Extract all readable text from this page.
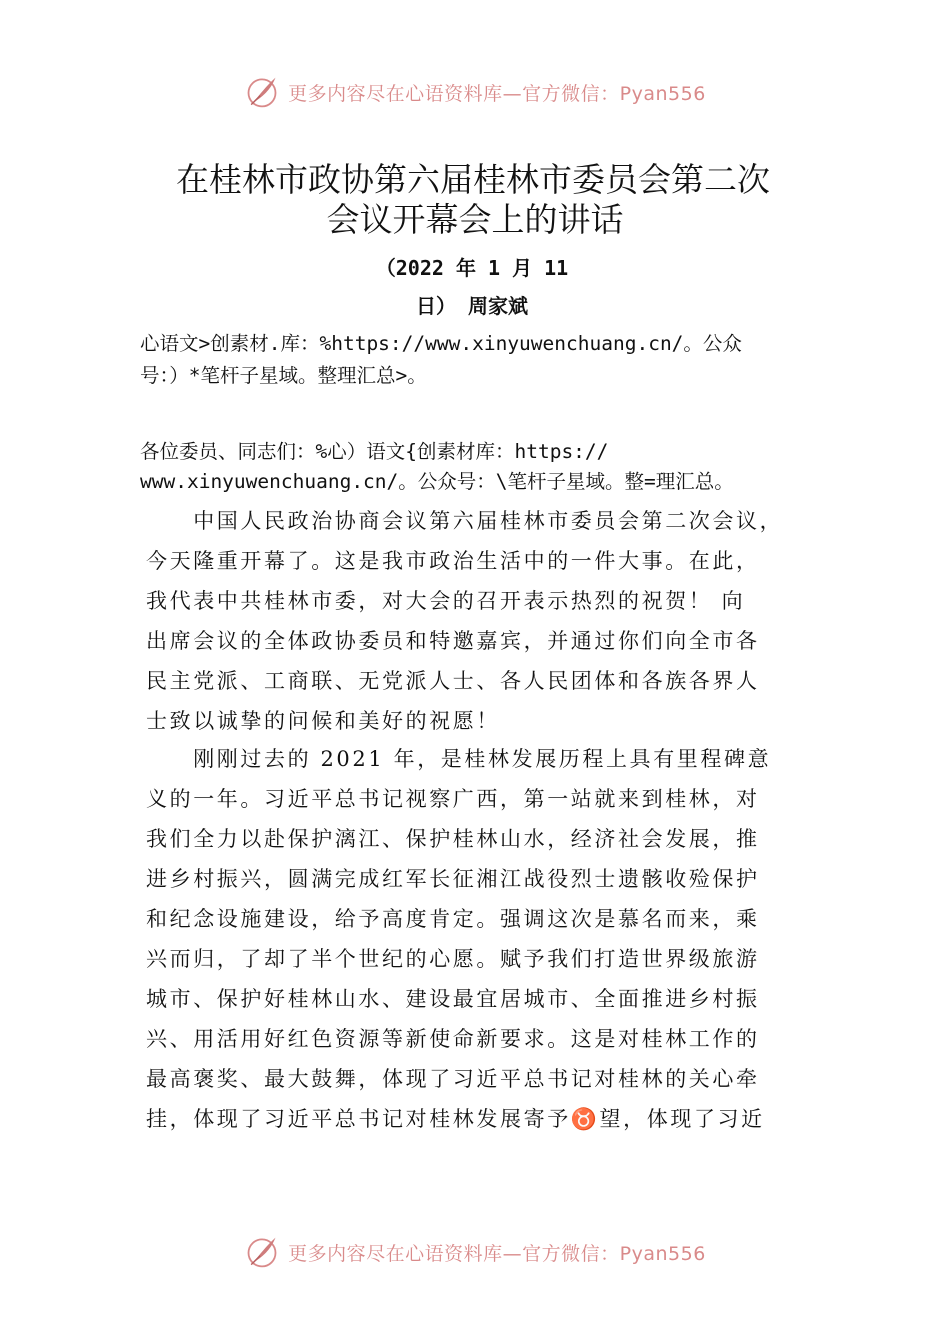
更多内容尽在心语资料库—官方微信：Pyan556
在桂林市政协第六届桂林市委员会第二次
会议开幕会上的讲话
（2022 年 1 月 11
日） 周家斌
心语文>创素材.库：%https://www.xinyuwenchuang.cn/。公众
号：）*笔杆子星域。整理汇总>。
各位委员、同志们：%心）语文{创素材库：https://
www.xinyuwenchuang.cn/。公众号：\笔杆子星域。整=理汇总。
　　中国人民政治协商会议第六届桂林市委员会第二次会议，
今天隆重开幕了。这是我市政治生活中的一件大事。在此，
我代表中共桂林市委，对大会的召开表示热烈的祝贺！ 向
出席会议的全体政协委员和特邀嘉宾，并通过你们向全市各
民主党派、工商联、无党派人士、各人民团体和各族各界人
士致以诚挚的问候和美好的祝愿！
　　刚刚过去的 2021 年，是桂林发展历程上具有里程碑意
义的一年。习近平总书记视察广西，第一站就来到桂林，对
我们全力以赴保护漓江、保护桂林山水，经济社会发展，推
进乡村振兴，圆满完成红军长征湘江战役烈士遗骸收殓保护
和纪念设施建设，给予高度肯定。强调这次是慕名而来，乘
兴而归，了却了半个世纪的心愿。赋予我们打造世界级旅游
城市、保护好桂林山水、建设最宜居城市、全面推进乡村振
兴、用活用好红色资源等新使命新要求。这是对桂林工作的
最高褒奖、最大鼓舞，体现了习近平总书记对桂林的关心牵
挂，体现了习近平总书记对桂林发展寄予♉望，体现了习近
更多内容尽在心语资料库—官方微信：Pyan556
